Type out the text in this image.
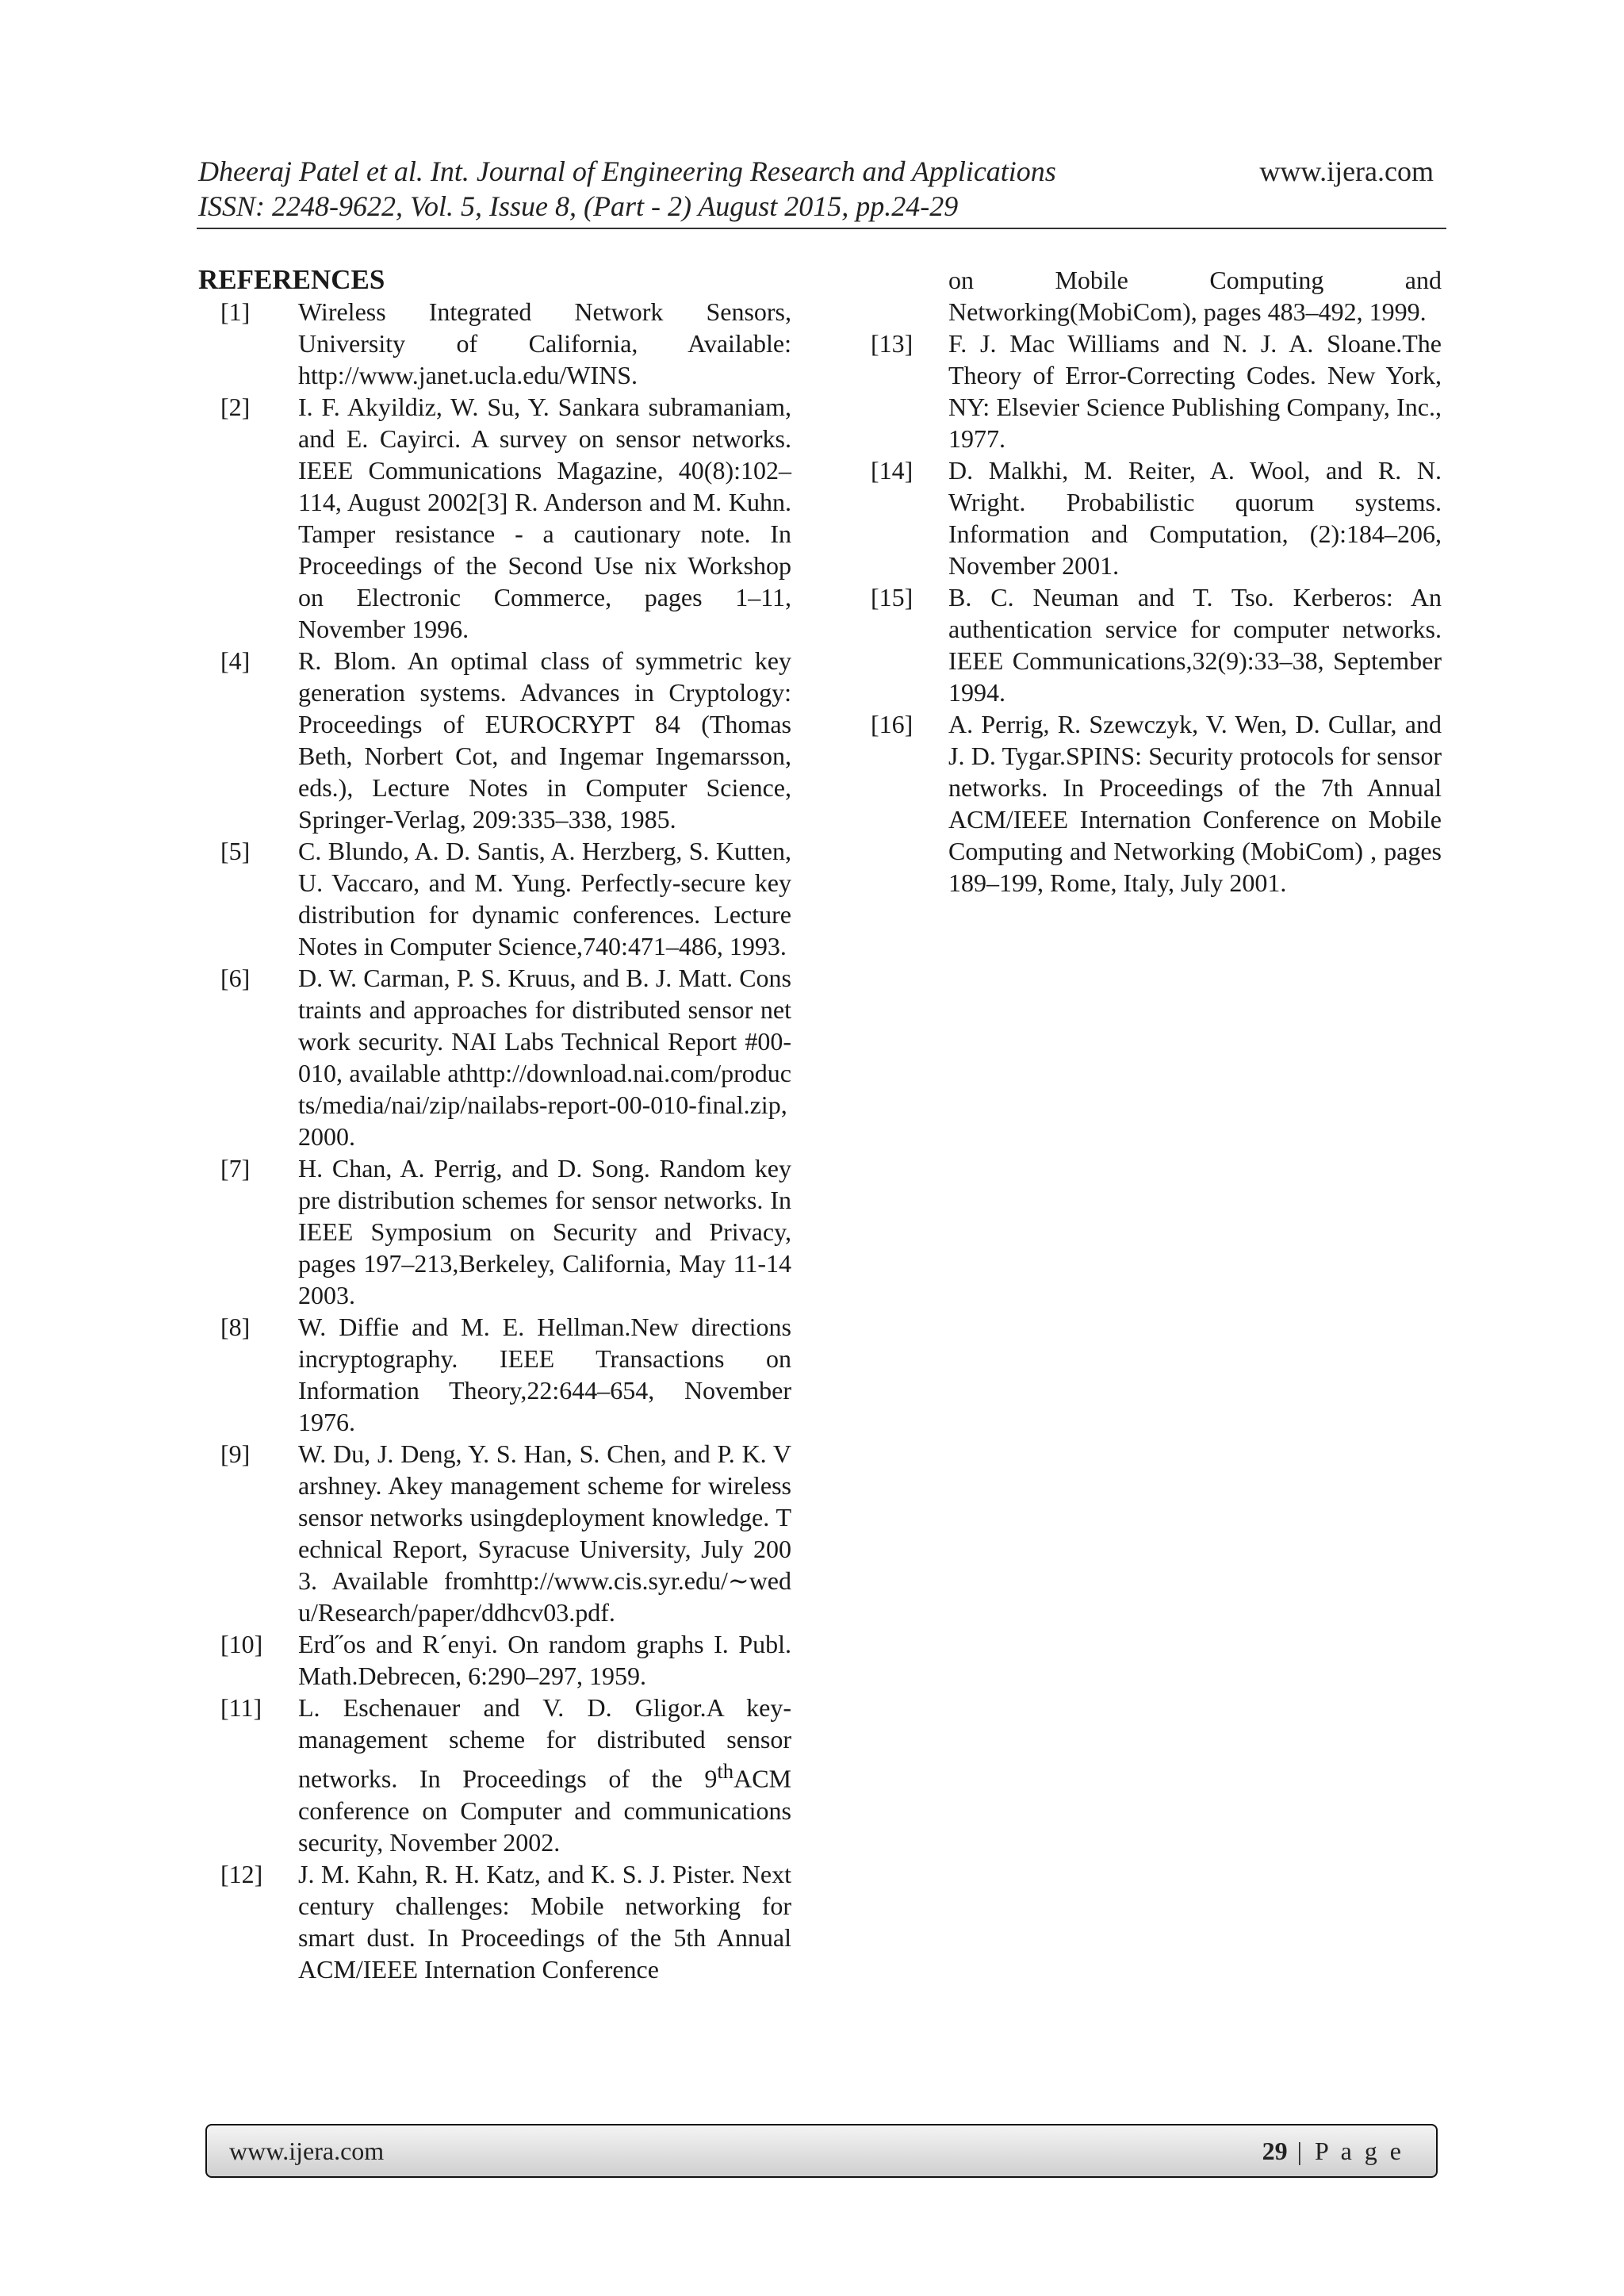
Dheeraj Patel et al. Int. Journal of Engineering Research and Applications
ISSN: 2248-9622, Vol. 5, Issue 8, (Part - 2) August 2015, pp.24-29
www.ijera.com
REFERENCES
[1]	Wireless Integrated Network Sensors, University of California, Available: http://www.janet.ucla.edu/WINS.
[2]	I. F. Akyildiz, W. Su, Y. Sankara subramaniam, and E. Cayirci. A survey on sensor networks. IEEE Communications Magazine, 40(8):102–114, August 2002[3] R. Anderson and M. Kuhn. Tamper resistance - a cautionary note. In Proceedings of the Second Use nix Workshop on Electronic Commerce, pages 1–11, November 1996.
[4]	R. Blom. An optimal class of symmetric key generation systems. Advances in Cryptology: Proceedings of EUROCRYPT 84 (Thomas Beth, Norbert Cot, and Ingemar Ingemarsson, eds.), Lecture Notes in Computer Science, Springer-Verlag, 209:335–338, 1985.
[5]	C. Blundo, A. D. Santis, A. Herzberg, S. Kutten, U. Vaccaro, and M. Yung. Perfectly-secure key distribution for dynamic conferences. Lecture Notes in Computer Science,740:471–486, 1993.
[6]	D. W. Carman, P. S. Kruus, and B. J. Matt. Constraints and approaches for distributed sensor network security. NAI Labs Technical Report #00-010, available athttp://download.nai.com/products/media/nai/zip/nailabs-report-00-010-final.zip,2000.
[7]	H. Chan, A. Perrig, and D. Song. Random key pre distribution schemes for sensor networks. In IEEE Symposium on Security and Privacy, pages 197–213,Berkeley, California, May 11-14 2003.
[8]	W. Diffie and M. E. Hellman.New directions incryptography. IEEE Transactions on Information Theory,22:644–654, November 1976.
[9]	W. Du, J. Deng, Y. S. Han, S. Chen, and P. K. Varshney. Akey management scheme for wireless sensor networks usingdeployment knowledge. Technical Report, Syracuse University, July 2003. Available fromhttp://www.cis.syr.edu/∼wedu/Research/paper/ddhcv03.pdf.
[10]	Erd˝os and R´enyi. On random graphs I. Publ. Math.Debrecen, 6:290–297, 1959.
[11]	L. Eschenauer and V. D. Gligor.A key-management scheme for distributed sensor networks. In Proceedings of the 9thACM conference on Computer and communications security, November 2002.
[12]	J. M. Kahn, R. H. Katz, and K. S. J. Pister. Next century challenges: Mobile networking for smart dust. In Proceedings of the 5th Annual ACM/IEEE Internation Conference
on Mobile Computing and Networking(MobiCom), pages 483–492, 1999.
[13]	F. J. Mac Williams and N. J. A. Sloane.The Theory of Error-Correcting Codes. New York, NY: Elsevier Science Publishing Company, Inc., 1977.
[14]	D. Malkhi, M. Reiter, A. Wool, and R. N. Wright. Probabilistic quorum systems. Information and Computation, (2):184–206, November 2001.
[15]	B. C. Neuman and T. Tso. Kerberos: An authentication service for computer networks. IEEE Communications,32(9):33–38, September 1994.
[16]	A. Perrig, R. Szewczyk, V. Wen, D. Cullar, and J. D. Tygar.SPINS: Security protocols for sensor networks. In Proceedings of the 7th Annual ACM/IEEE Internation Conference on Mobile Computing and Networking (MobiCom) , pages 189–199, Rome, Italy, July 2001.
www.ijera.com	29 | P a g e
